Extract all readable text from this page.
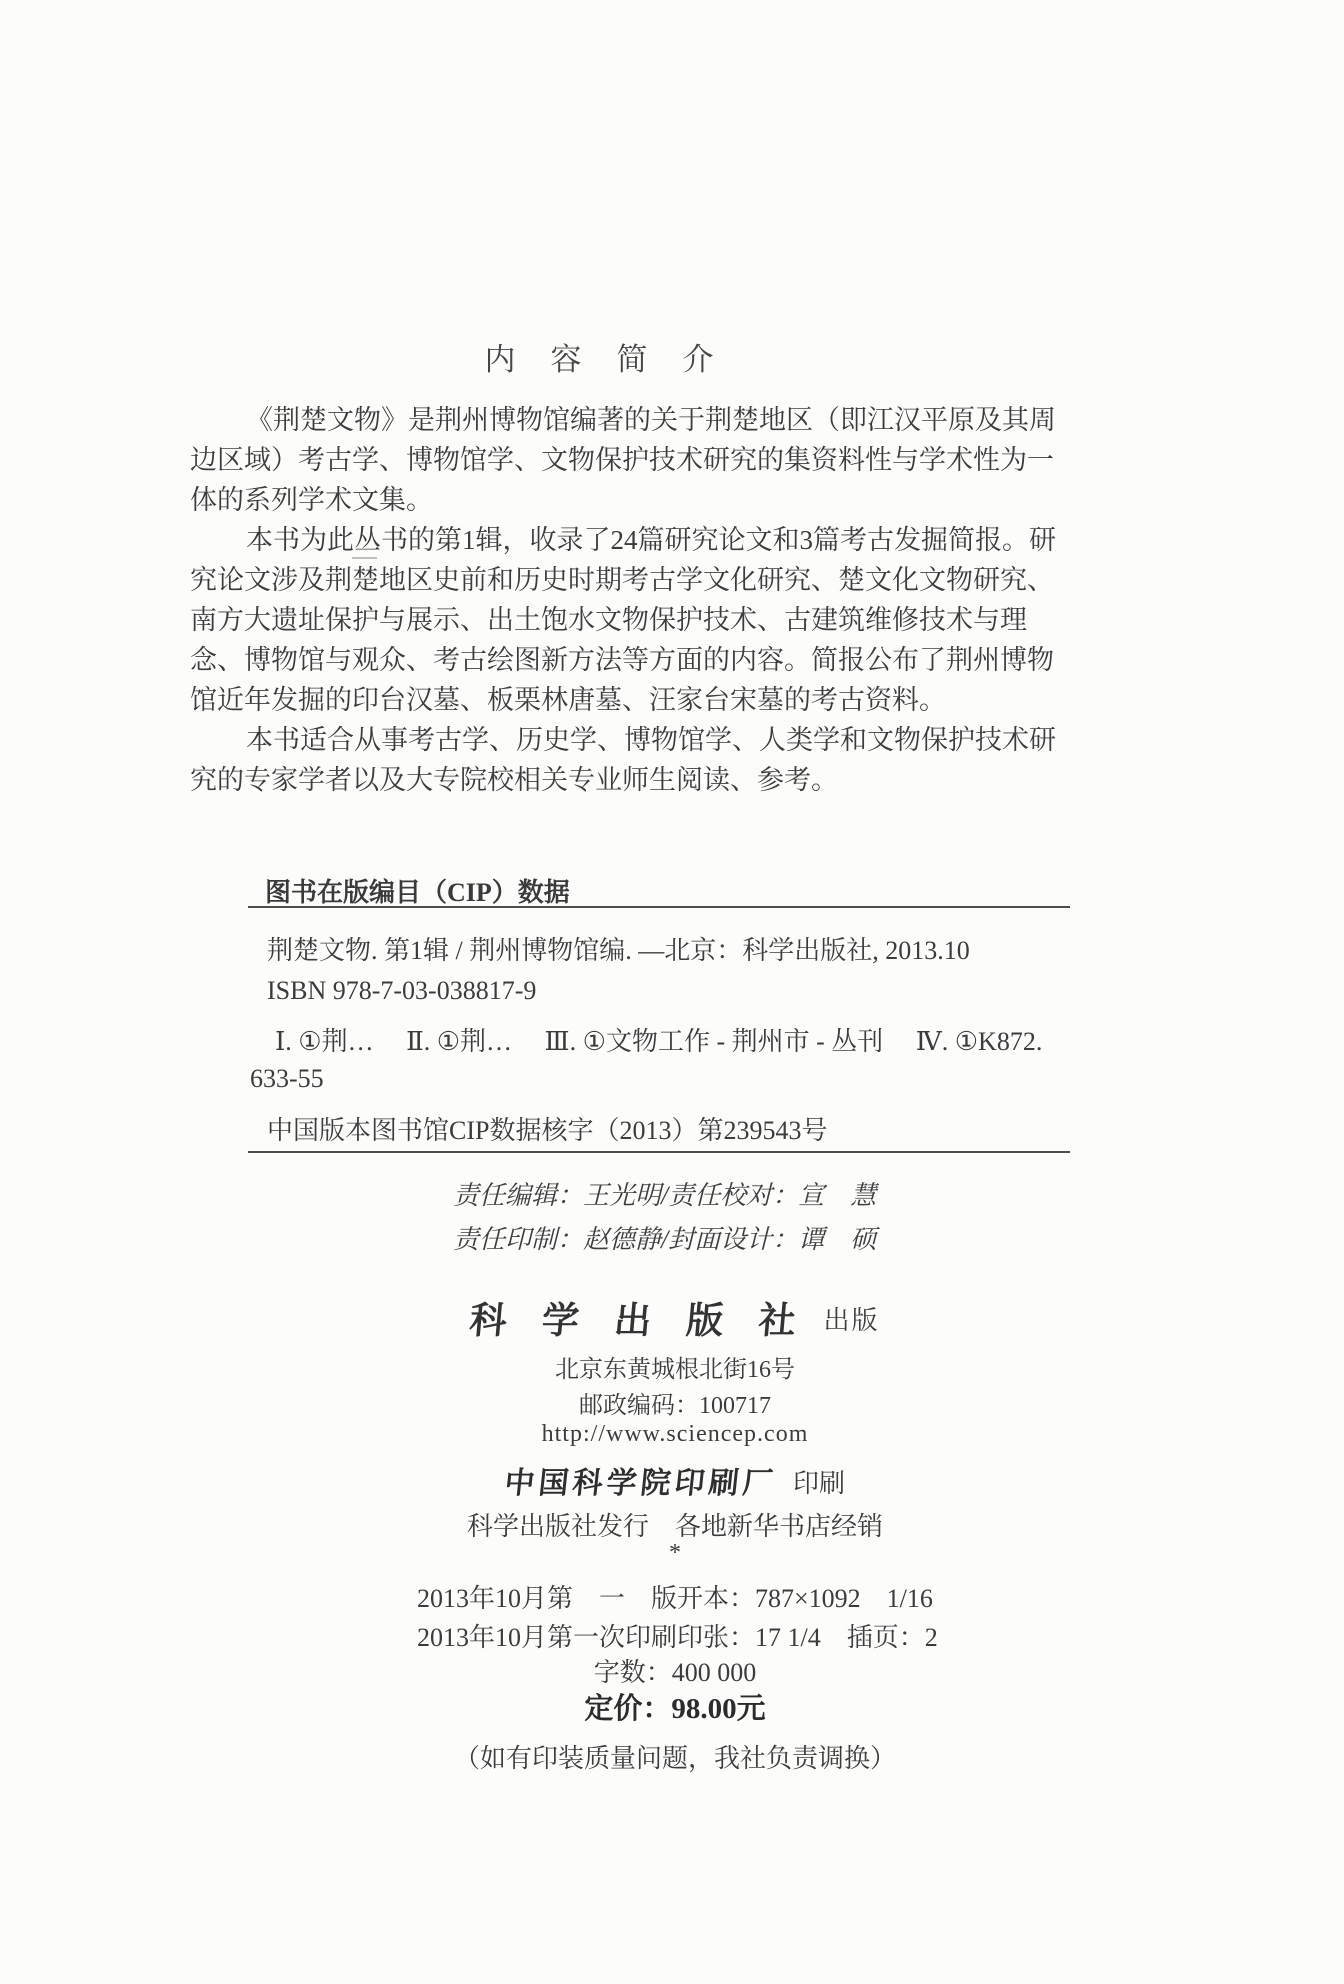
内　容　简　介
《荆楚文物》是荆州博物馆编著的关于荆楚地区（即江汉平原及其周
边区域）考古学、博物馆学、文物保护技术研究的集资料性与学术性为一
体的系列学术文集。
本书为此丛书的第1辑，收录了24篇研究论文和3篇考古发掘简报。研
究论文涉及荆楚地区史前和历史时期考古学文化研究、楚文化文物研究、
南方大遗址保护与展示、出土饱水文物保护技术、古建筑维修技术与理
念、博物馆与观众、考古绘图新方法等方面的内容。简报公布了荆州博物
馆近年发掘的印台汉墓、板栗林唐墓、汪家台宋墓的考古资料。
本书适合从事考古学、历史学、博物馆学、人类学和文物保护技术研
究的专家学者以及大专院校相关专业师生阅读、参考。
图书在版编目（CIP）数据
荆楚文物. 第1辑 / 荆州博物馆编. —北京：科学出版社, 2013.10
ISBN 978-7-03-038817-9
Ⅰ. ①荆…　 Ⅱ. ①荆…　 Ⅲ. ①文物工作 - 荆州市 - 丛刊　 Ⅳ. ①K872.
633-55
中国版本图书馆CIP数据核字（2013）第239543号
责任编辑：王光明/责任校对：宣　慧
责任印制：赵德静/封面设计：谭　硕
科 学 出 版 社 出版
北京东黄城根北街16号
邮政编码：100717
http://www.sciencep.com
中国科学院印刷厂 印刷
科学出版社发行　各地新华书店经销
*
2013年10月第　一　版开本：787×1092　1/16
2013年10月第一次印刷印张：17 1/4　插页：2
字数：400 000
定价：98.00元
（如有印装质量问题，我社负责调换）
